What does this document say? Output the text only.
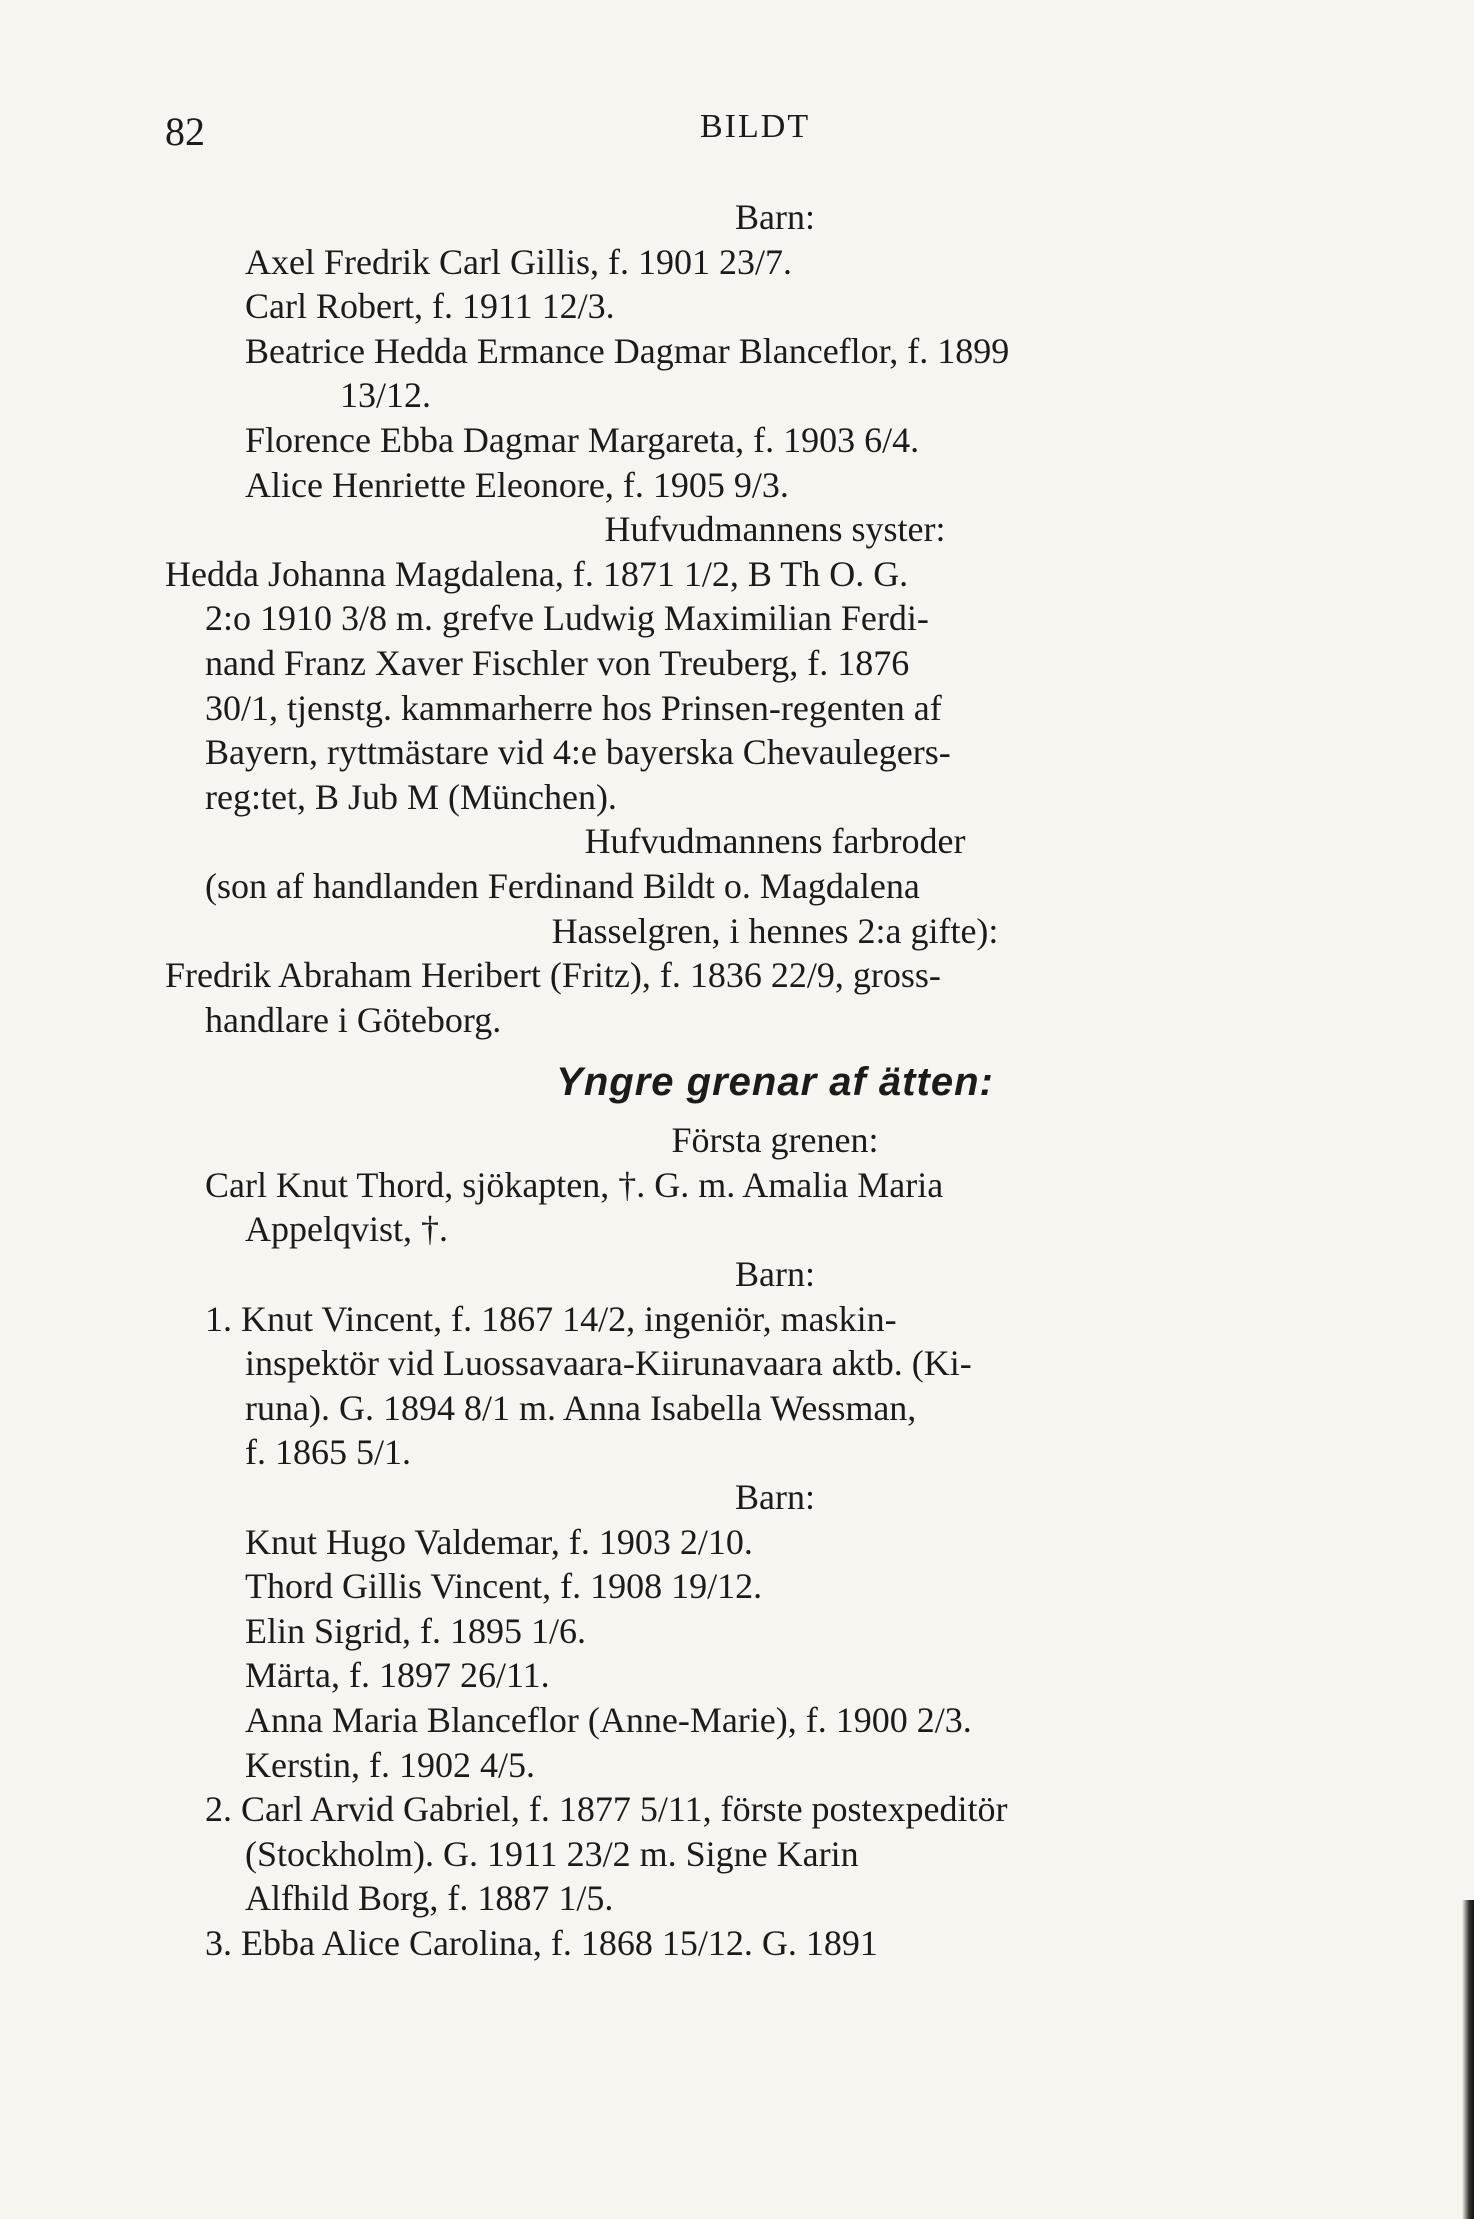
82	BILDT
Barn:
Axel Fredrik Carl Gillis, f. 1901 23/7.
Carl Robert, f. 1911 12/3.
Beatrice Hedda Ermance Dagmar Blanceflor, f. 1899
13/12.
Florence Ebba Dagmar Margareta, f. 1903 6/4.
Alice Henriette Eleonore, f. 1905 9/3.
Hufvudmannens syster:
Hedda Johanna Magdalena, f. 1871 1/2, B Th O. G.
2:o 1910 3/8 m. grefve Ludwig Maximilian Ferdi-
nand Franz Xaver Fischler von Treuberg, f. 1876
30/1, tjenstg. kammarherre hos Prinsen-regenten af
Bayern, ryttmästare vid 4:e bayerska Chevaulegers-
reg:tet, B Jub M (München).
Hufvudmannens farbroder
(son af handlanden Ferdinand Bildt o. Magdalena
Hasselgren, i hennes 2:a gifte):
Fredrik Abraham Heribert (Fritz), f. 1836 22/9, gross-
handlare i Göteborg.
Yngre grenar af ätten:
Första grenen:
Carl Knut Thord, sjökapten, †. G. m. Amalia Maria
Appelqvist, †.
Barn:
1. Knut Vincent, f. 1867 14/2, ingeniör, maskin-
inspektör vid Luossavaara-Kiirunavaara aktb. (Ki-
runa). G. 1894 8/1 m. Anna Isabella Wessman,
f. 1865 5/1.
Barn:
Knut Hugo Valdemar, f. 1903 2/10.
Thord Gillis Vincent, f. 1908 19/12.
Elin Sigrid, f. 1895 1/6.
Märta, f. 1897 26/11.
Anna Maria Blanceflor (Anne-Marie), f. 1900 2/3.
Kerstin, f. 1902 4/5.
2. Carl Arvid Gabriel, f. 1877 5/11, förste postexpeditör
(Stockholm). G. 1911 23/2 m. Signe Karin
Alfhild Borg, f. 1887 1/5.
3. Ebba Alice Carolina, f. 1868 15/12. G. 1891
